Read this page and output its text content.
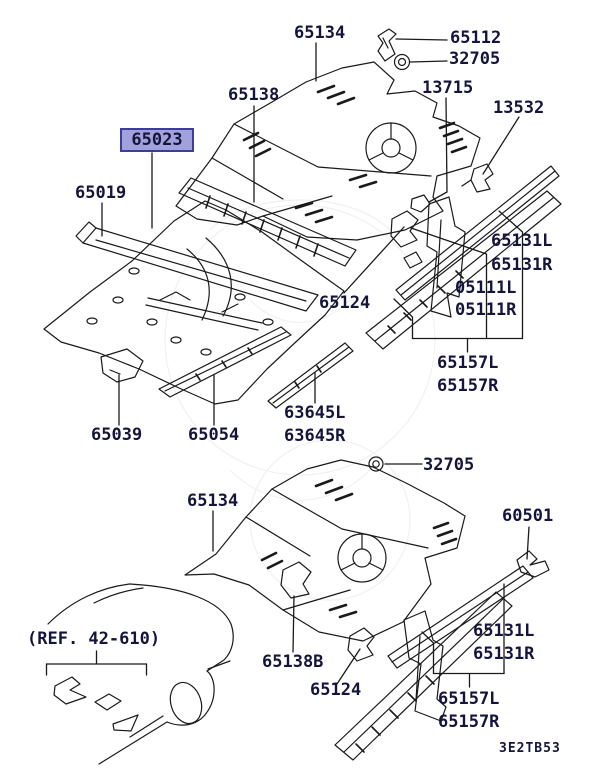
65134	65112
32705
65138	13715
13532
65023
65019
65131L
65131R
05111L
05111R
65124
65157L
65157R
63645L
63645R
65039	65054
32705
65134
60501
65131L
65131R
65138B
65124	65157L
65157R
(REF. 42-610)
3E2TB53
